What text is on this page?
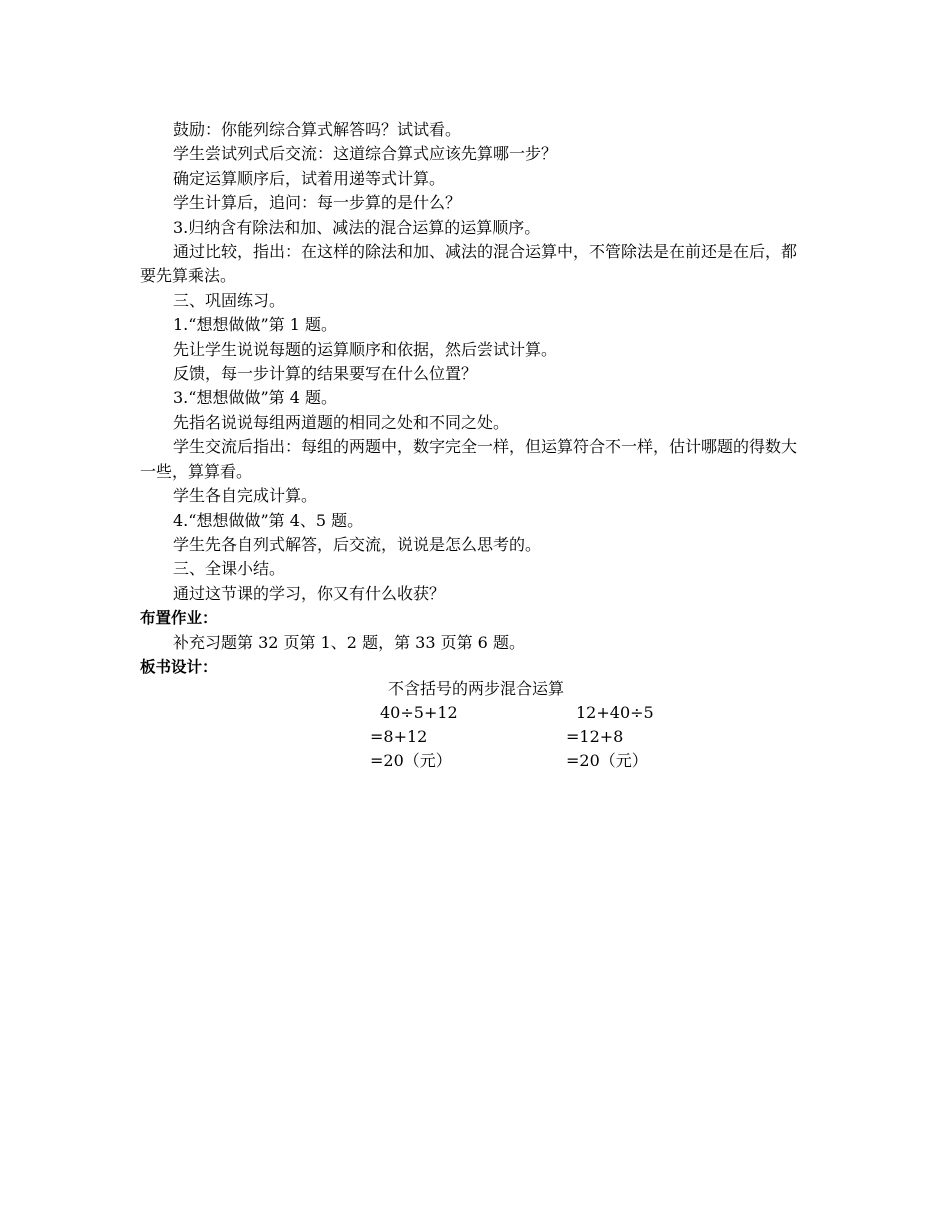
鼓励：你能列综合算式解答吗？试试看。

学生尝试列式后交流：这道综合算式应该先算哪一步？

确定运算顺序后，试着用递等式计算。

学生计算后，追问：每一步算的是什么？

3.归纳含有除法和加、减法的混合运算的运算顺序。

通过比较，指出：在这样的除法和加、减法的混合运算中，不管除法是在前还是在后，都要先算乘法。

三、巩固练习。

1.“想想做做”第 1 题。

先让学生说说每题的运算顺序和依据，然后尝试计算。

反馈，每一步计算的结果要写在什么位置？

3.“想想做做”第 4 题。

先指名说说每组两道题的相同之处和不同之处。

学生交流后指出：每组的两题中，数字完全一样，但运算符合不一样，估计哪题的得数大一些，算算看。

学生各自完成计算。

4.“想想做做”第 4、5 题。

学生先各自列式解答，后交流，说说是怎么思考的。

三、全课小结。

通过这节课的学习，你又有什么收获？

布置作业：

补充习题第 32 页第 1、2 题，第 33 页第 6 题。

板书设计：

不含括号的两步混合运算
40÷5+12
=8+12
=20（元）
12+40÷5
=12+8
=20（元）
